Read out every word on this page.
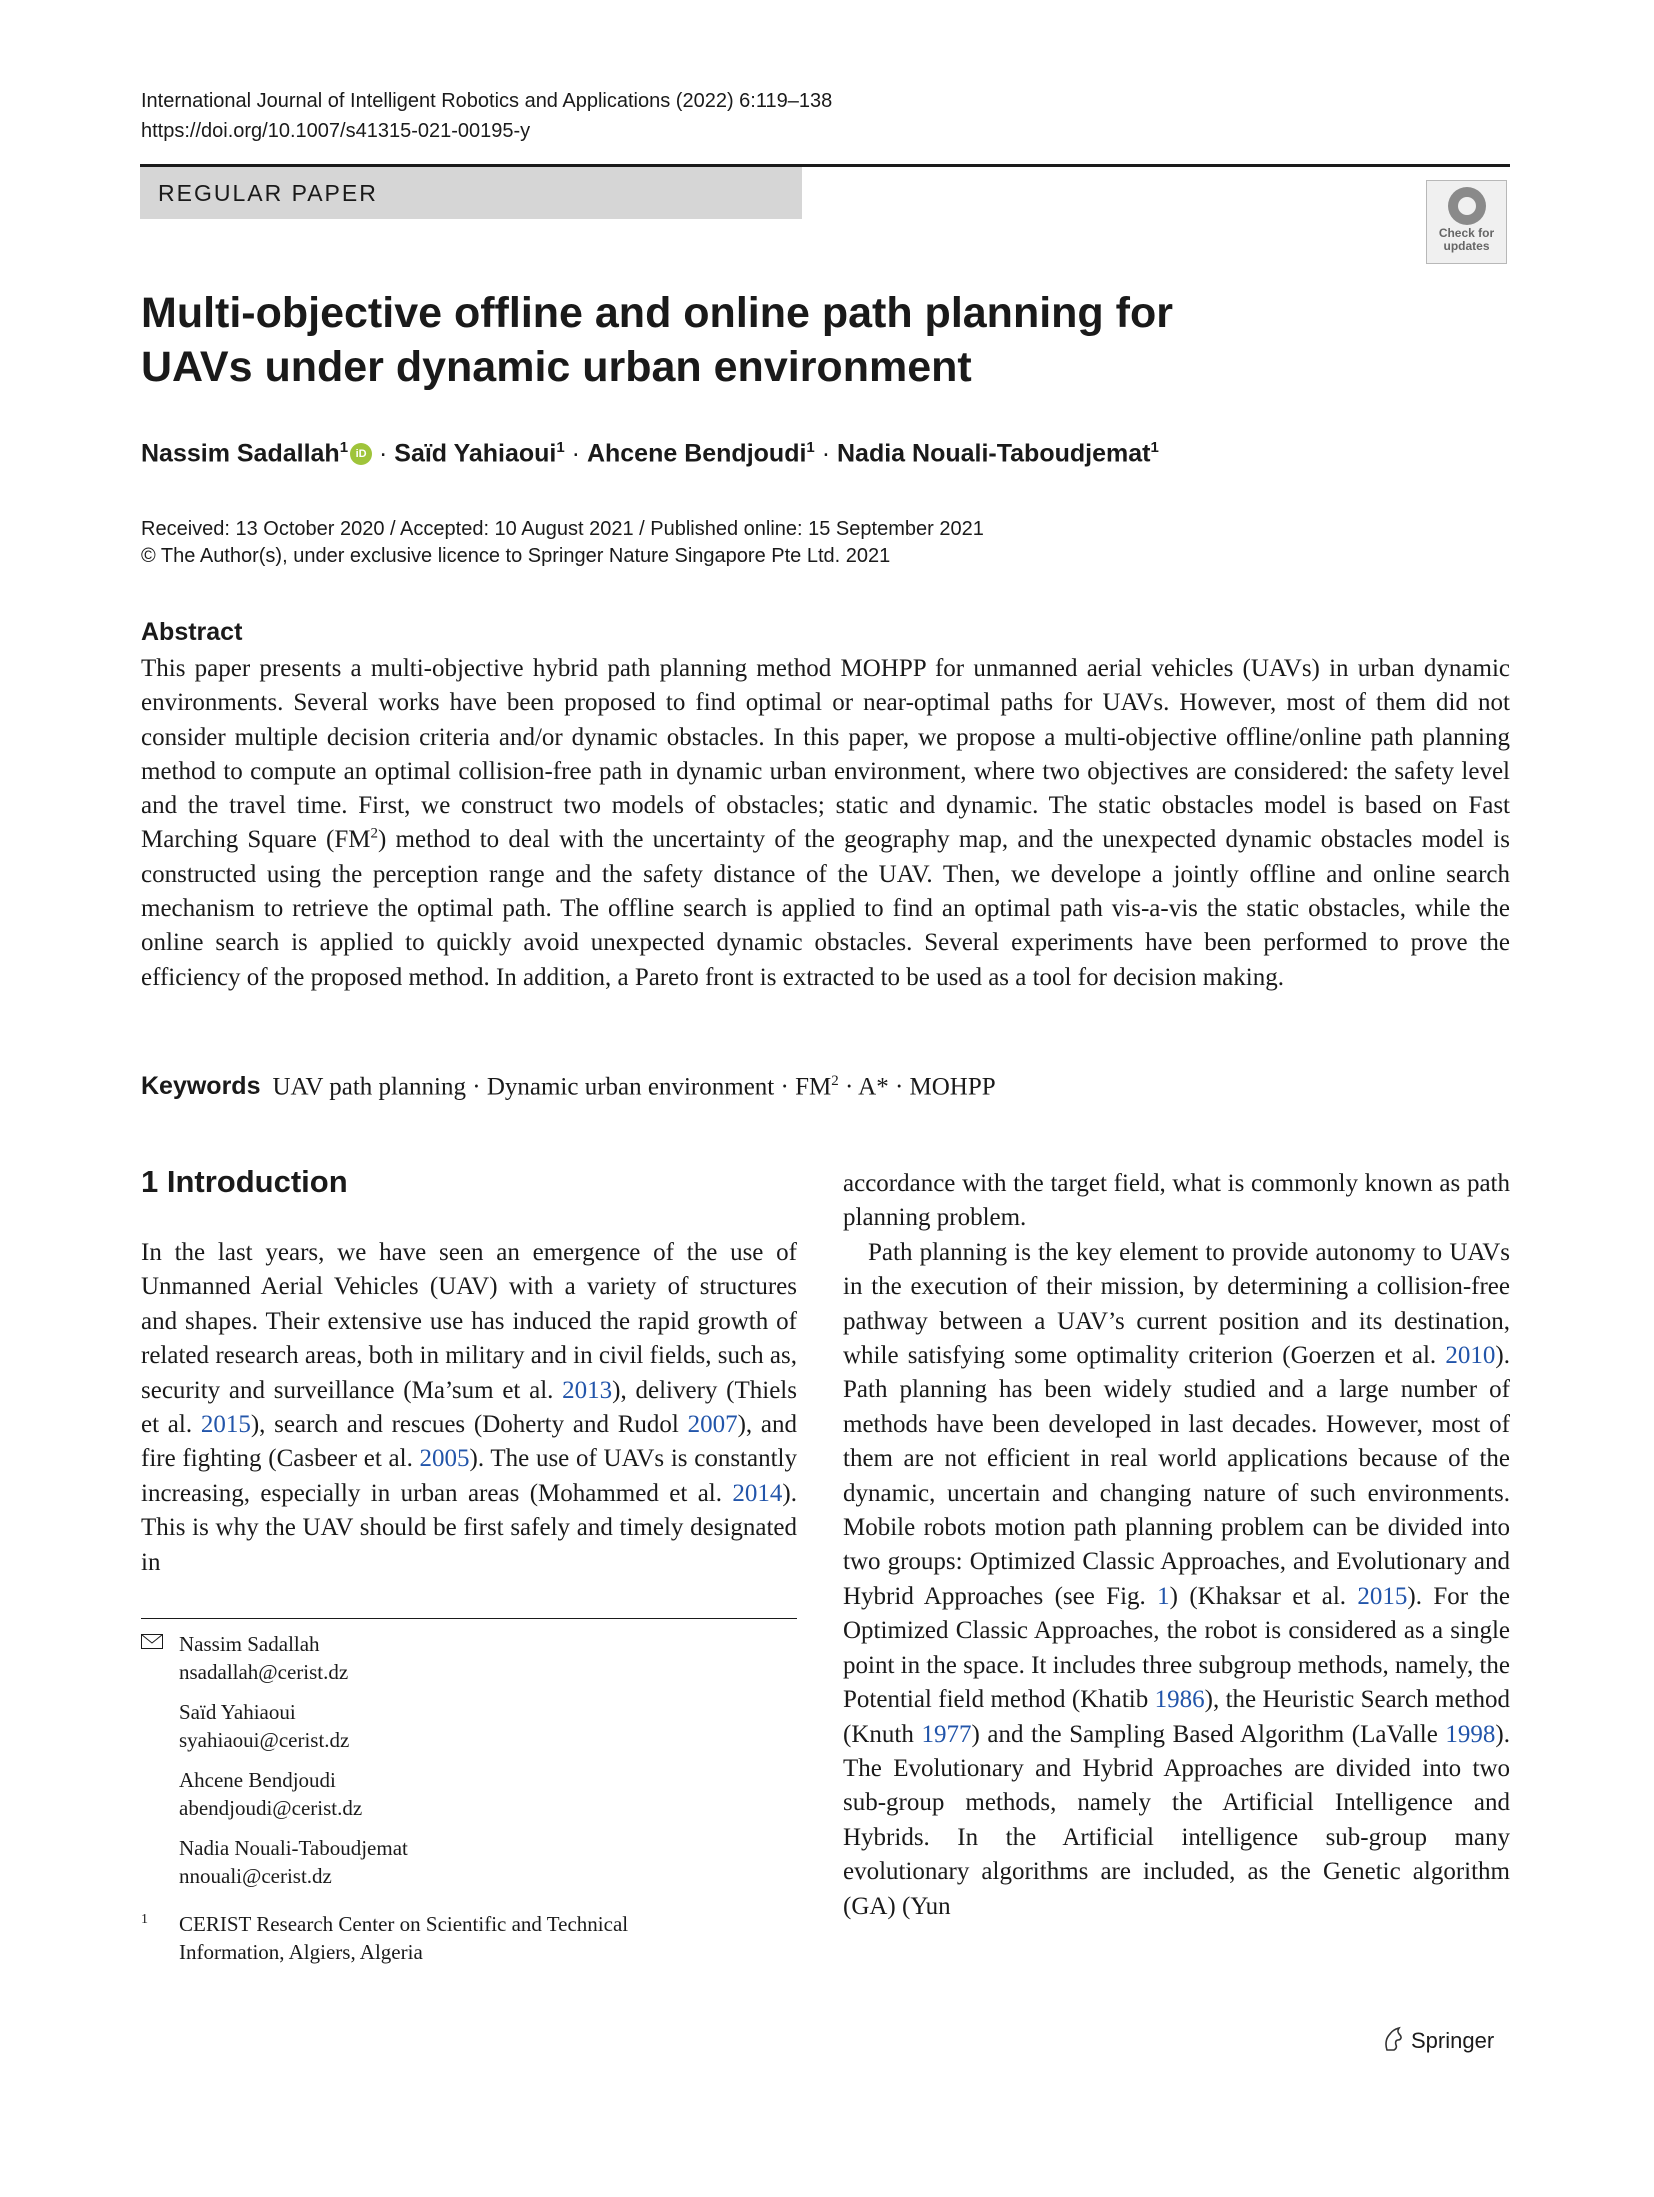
International Journal of Intelligent Robotics and Applications (2022) 6:119–138
https://doi.org/10.1007/s41315-021-00195-y
REGULAR PAPER
Check for
updates
Multi-objective offline and online path planning for UAVs under dynamic urban environment
Nassim Sadallah$^1$ iD · Saïd Yahiaoui$^1$ · Ahcene Bendjoudi$^1$ · Nadia Nouali-Taboudjemat$^1$
Received: 13 October 2020 / Accepted: 10 August 2021 / Published online: 15 September 2021
© The Author(s), under exclusive licence to Springer Nature Singapore Pte Ltd. 2021
Abstract

This paper presents a multi-objective hybrid path planning method MOHPP for unmanned aerial vehicles (UAVs) in urban dynamic environments. Several works have been proposed to find optimal or near-optimal paths for UAVs. However, most of them did not consider multiple decision criteria and/or dynamic obstacles. In this paper, we propose a multi-objective offline/online path planning method to compute an optimal collision-free path in dynamic urban environment, where two objectives are considered: the safety level and the travel time. First, we construct two models of obstacles; static and dynamic. The static obstacles model is based on Fast Marching Square $(FM^2)$ method to deal with the uncertainty of the geography map, and the unexpected dynamic obstacles model is constructed using the perception range and the safety distance of the UAV. Then, we develope a jointly offline and online search mechanism to retrieve the optimal path. The offline search is applied to find an optimal path vis-a-vis the static obstacles, while the online search is applied to quickly avoid unexpected dynamic obstacles. Several experiments have been performed to prove the efficiency of the proposed method. In addition, a Pareto front is extracted to be used as a tool for decision making.

Keywords UAV path planning · Dynamic urban environment · $FM^2 \cdot A*$ · MOHPP
1 Introduction

In the last years, we have seen an emergence of the use of Unmanned Aerial Vehicles (UAV) with a variety of structures and shapes. Their extensive use has induced the rapid growth of related research areas, both in military and in civil fields, such as, security and surveillance (Ma’sum et al. 2013), delivery (Thiels et al. 2015), search and rescues (Doherty and Rudol 2007), and fire fighting (Casbeer et al. 2005). The use of UAVs is constantly increasing, especially in urban areas (Mohammed et al. 2014). This is why the UAV should be first safely and timely designated in

accordance with the target field, what is commonly known as path planning problem.

Path planning is the key element to provide autonomy to UAVs in the execution of their mission, by determining a collision-free pathway between a UAV’s current position and its destination, while satisfying some optimality criterion (Goerzen et al. 2010). Path planning has been widely studied and a large number of methods have been developed in last decades. However, most of them are not efficient in real world applications because of the dynamic, uncertain and changing nature of such environments. Mobile robots motion path planning problem can be divided into two groups: Optimized Classic Approaches, and Evolutionary and Hybrid Approaches (see Fig. 1) (Khaksar et al. 2015). For the Optimized Classic Approaches, the robot is considered as a single point in the space. It includes three subgroup methods, namely, the Potential field method (Khatib 1986), the Heuristic Search method (Knuth 1977) and the Sampling Based Algorithm (LaValle 1998). The Evolutionary and Hybrid Approaches are divided into two sub-group methods, namely the Artificial Intelligence and Hybrids. In the Artificial intelligence sub-group many evolutionary algorithms are included, as the Genetic algorithm (GA) (Yun

Nassim Sadallah
nsadallah@cerist.dz
Saïd Yahiaoui
syahiaoui@cerist.dz
Ahcene Bendjoudi
abendjoudi@cerist.dz
Nadia Nouali-Taboudjemat
nnouali@cerist.dz
1 CERIST Research Center on Scientific and Technical
Information, Algiers, Algeria
Springer
